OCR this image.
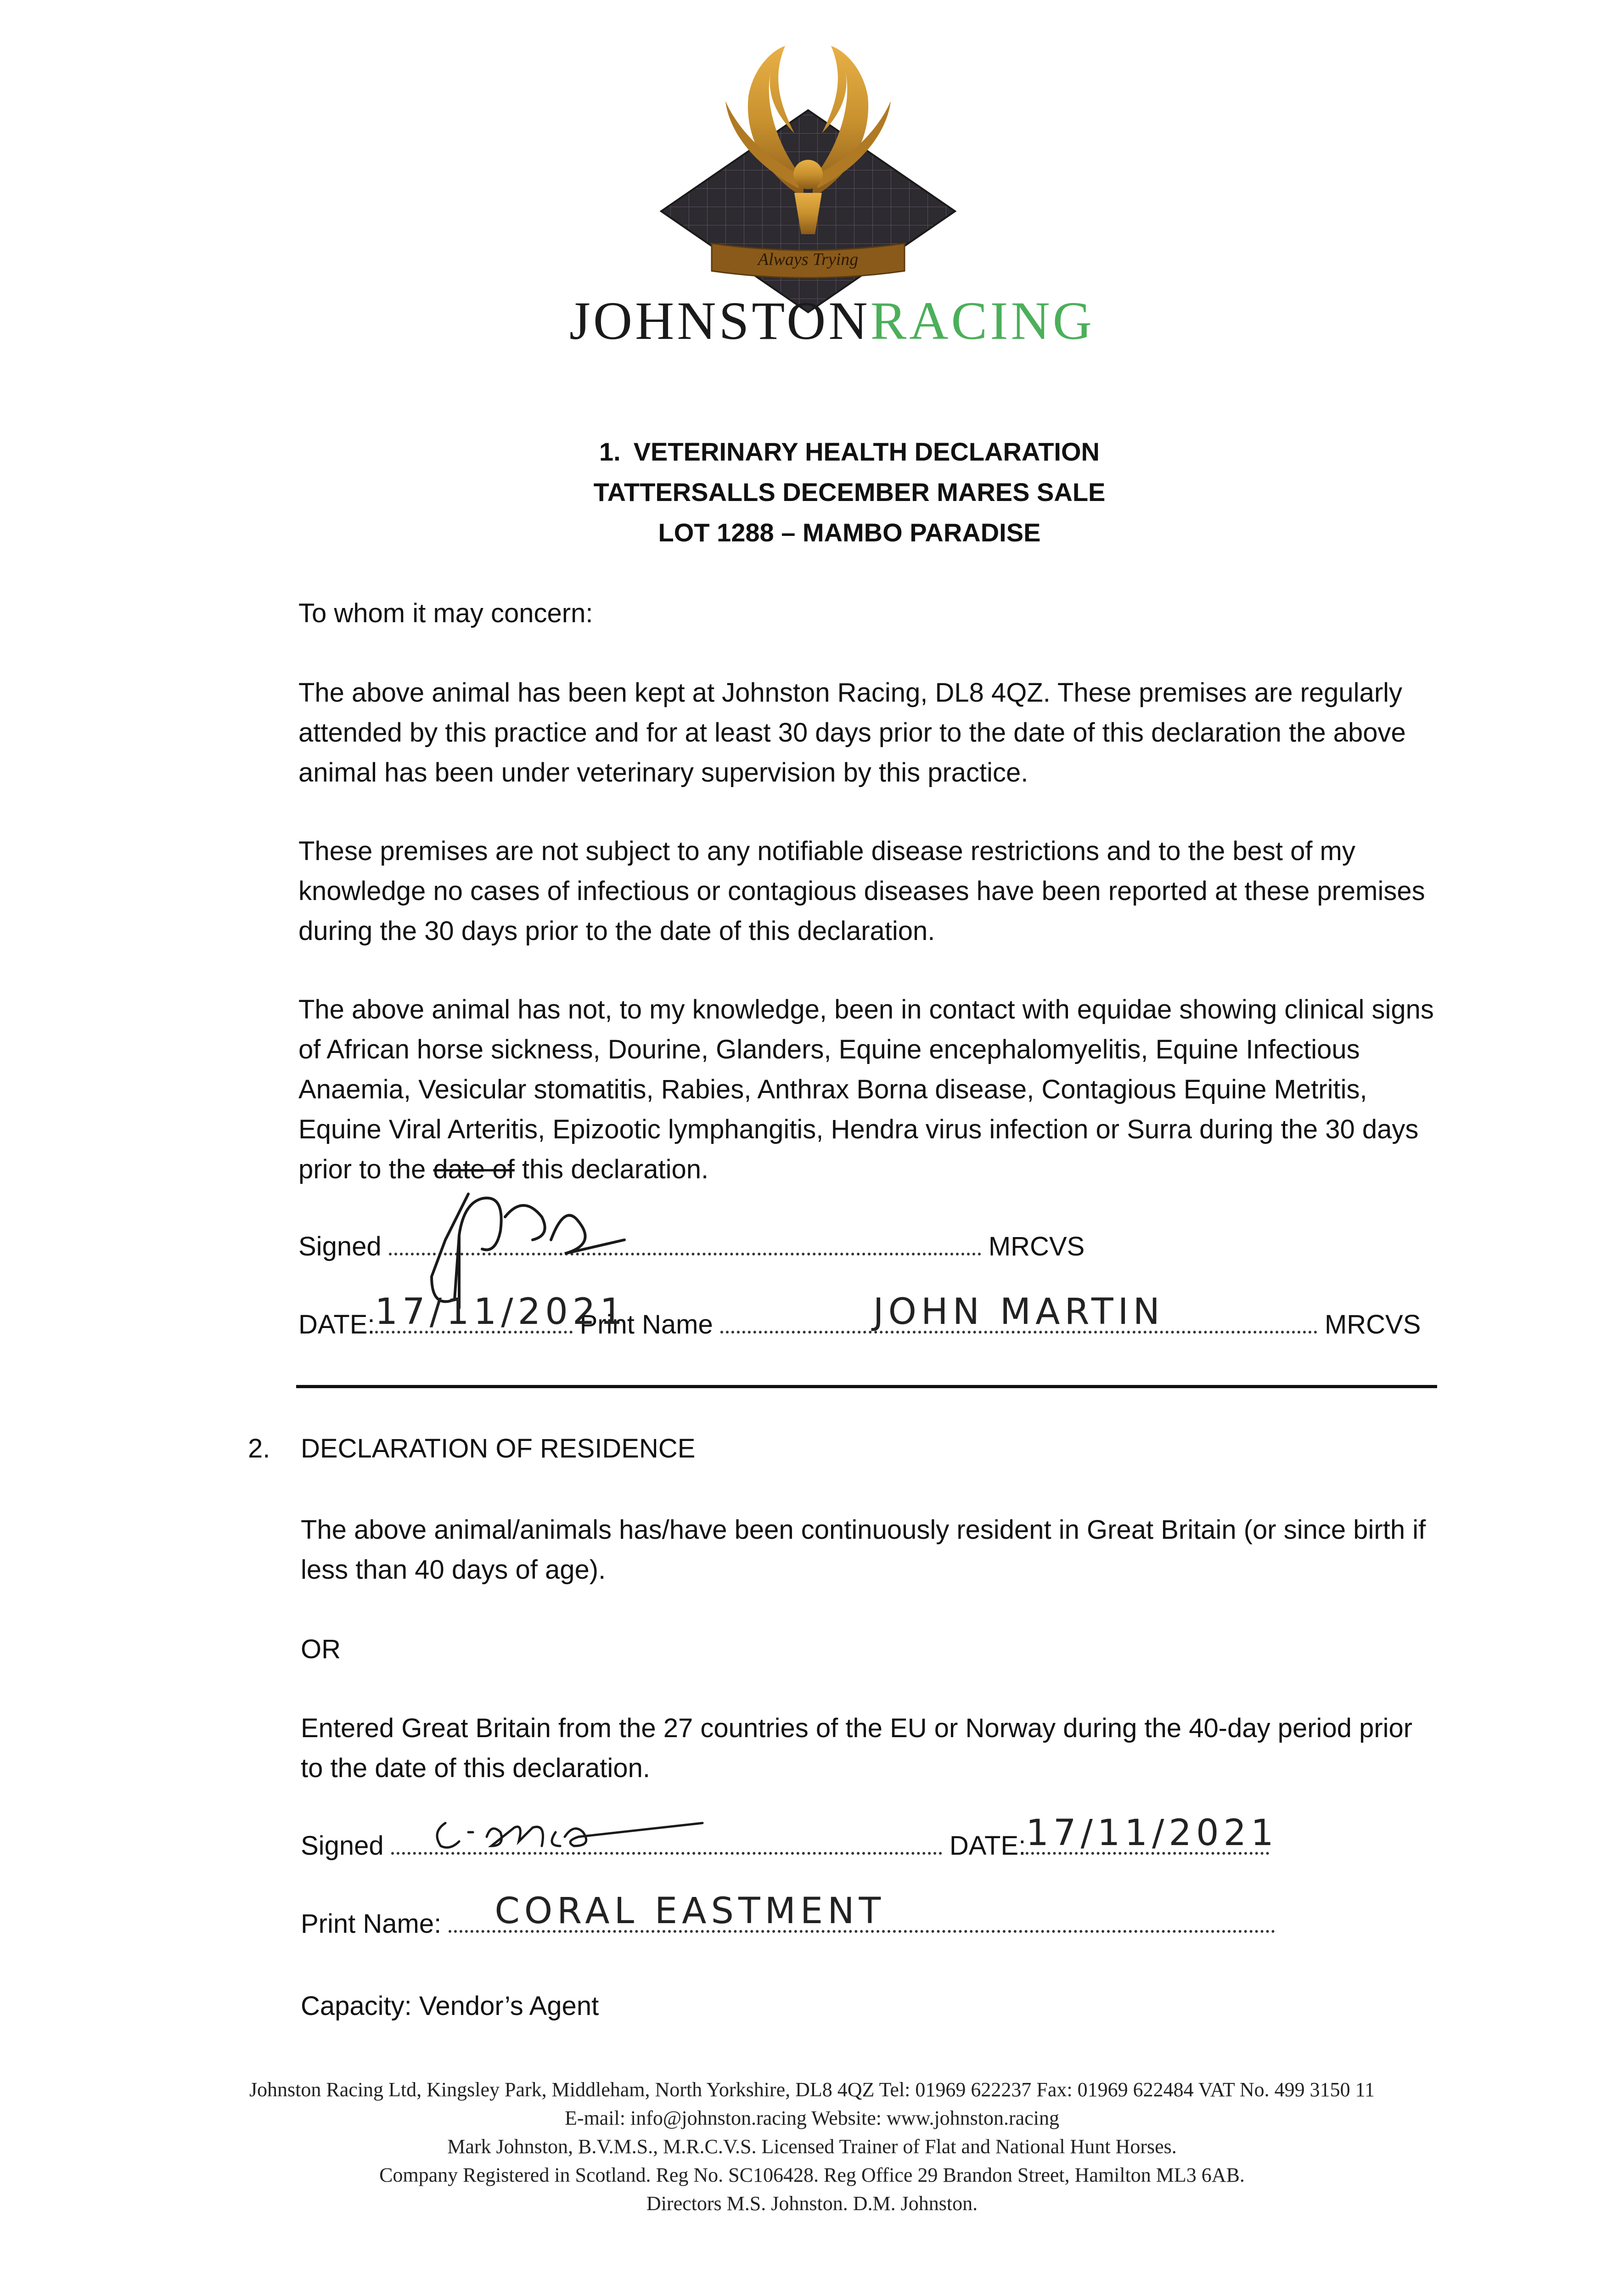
Always Trying
JOHNSTONRACING
1. VETERINARY HEALTH DECLARATION
TATTERSALLS DECEMBER MARES SALE
LOT 1288 – MAMBO PARADISE

To whom it may concern:

The above animal has been kept at Johnston Racing, DL8 4QZ. These premises are regularly attended by this practice and for at least 30 days prior to the date of this declaration the above animal has been under veterinary supervision by this practice.

These premises are not subject to any notifiable disease restrictions and to the best of my knowledge no cases of infectious or contagious diseases have been reported at these premises during the 30 days prior to the date of this declaration.

The above animal has not, to my knowledge, been in contact with equidae showing clinical signs of African horse sickness, Dourine, Glanders, Equine encephalomyelitis, Equine Infectious Anaemia, Vesicular stomatitis, Rabies, Anthrax Borna disease, Contagious Equine Metritis, Equine Viral Arteritis, Epizootic lymphangitis, Hendra virus infection or Surra during the 30 days prior to the date of this declaration.

Signed	MRCVS
DATE: 17/11/2021
Print Name	JOHN MARTIN	MRCVS
2. DECLARATION OF RESIDENCE

The above animal/animals has/have been continuously resident in Great Britain (or since birth if less than 40 days of age).

OR

Entered Great Britain from the 27 countries of the EU or Norway during the 40-day period prior to the date of this declaration.

Signed	DATE: 17/11/2021
Print Name:	CORAL EASTMENT

Capacity: Vendor’s Agent

Johnston Racing Ltd, Kingsley Park, Middleham, North Yorkshire, DL8 4QZ Tel: 01969 622237 Fax: 01969 622484 VAT No. 499 3150 11
E-mail: info@johnston.racing Website: www.johnston.racing
Mark Johnston, B.V.M.S., M.R.C.V.S. Licensed Trainer of Flat and National Hunt Horses.
Company Registered in Scotland. Reg No. SC106428. Reg Office 29 Brandon Street, Hamilton ML3 6AB.
Directors M.S. Johnston. D.M. Johnston.
